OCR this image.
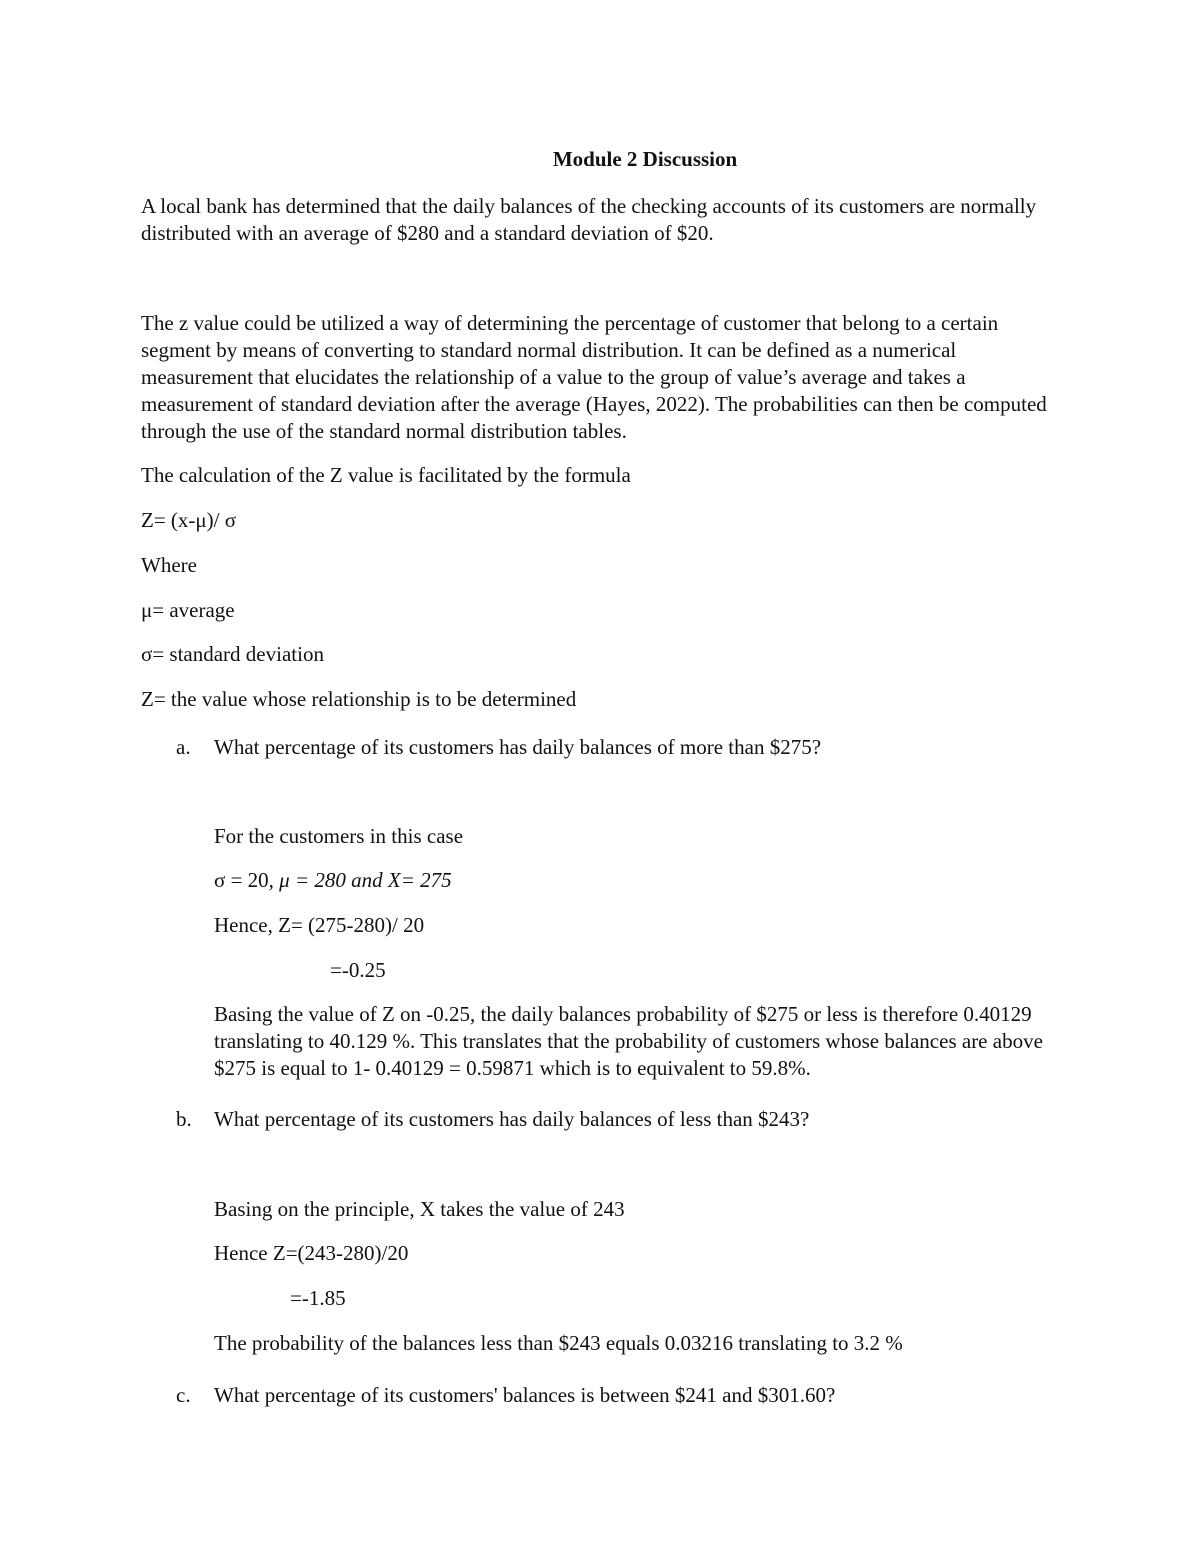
Module 2 Discussion

A local bank has determined that the daily balances of the checking accounts of its customers are normally distributed with an average of $280 and a standard deviation of $20.

The z value could be utilized a way of determining the percentage of customer that belong to a certain segment by means of converting to standard normal distribution. It can be defined as a numerical measurement that elucidates the relationship of a value to the group of value’s average and takes a measurement of standard deviation after the average (Hayes, 2022). The probabilities can then be computed through the use of the standard normal distribution tables.

The calculation of the Z value is facilitated by the formula

Z= (x-μ)/ σ

Where

μ= average

σ= standard deviation

Z= the value whose relationship is to be determined

a. What percentage of its customers has daily balances of more than $275?

For the customers in this case

σ = 20, μ = 280 and X= 275

Hence, Z= (275-280)/ 20

=-0.25

Basing the value of Z on -0.25, the daily balances probability of $275 or less is therefore 0.40129 translating to 40.129 %. This translates that the probability of customers whose balances are above $275 is equal to 1- 0.40129 = 0.59871 which is to equivalent to 59.8%.

b. What percentage of its customers has daily balances of less than $243?

Basing on the principle, X takes the value of 243

Hence Z=(243-280)/20

=-1.85

The probability of the balances less than $243 equals 0.03216 translating to 3.2 %

c. What percentage of its customers' balances is between $241 and $301.60?
